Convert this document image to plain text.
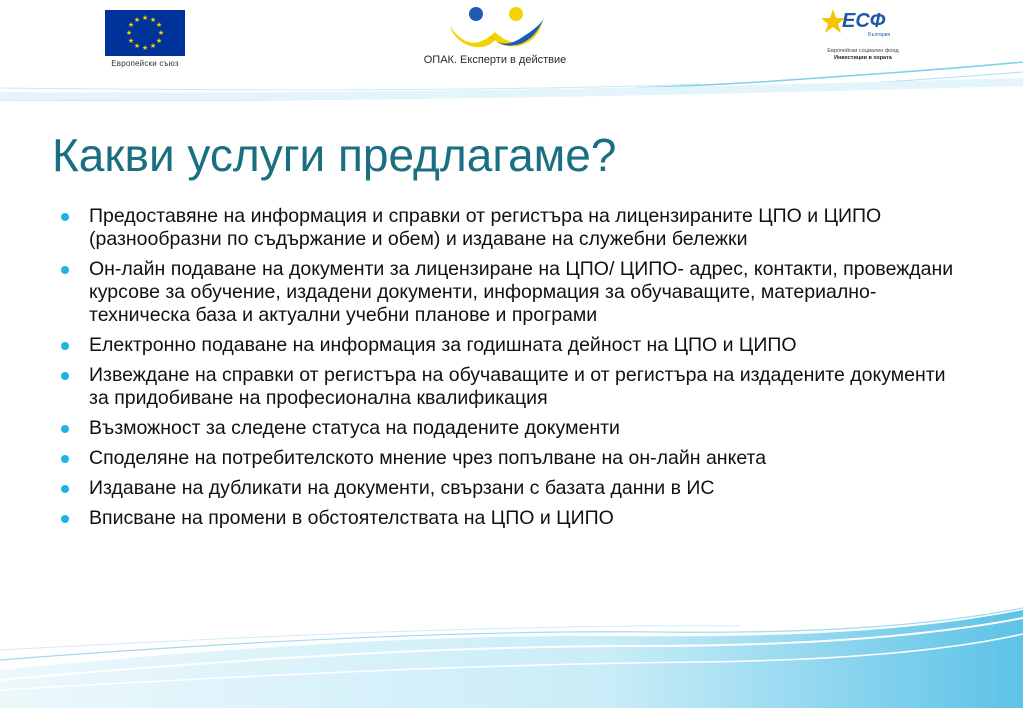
★ ★
★
★
★
★
★
★
★
★
★
★
Европейски съюз	ОПАК. Експерти в действие
ЕСФ
България
Европейски социален фонд
Инвестиции в хората
Какви услуги предлагаме?
Предоставяне на информация и справки от регистъра на лицензираните ЦПО и ЦИПО (разнообразни по съдържание и обем) и издаване на служебни бележки
Он-лайн подаване на документи за лицензиране на ЦПО/ ЦИПО- адрес, контакти, провеждани курсове за обучение, издадени документи, информация за обучаващите, материално-техническа база и актуални учебни планове и програми
Електронно подаване на информация за годишната дейност на ЦПО и ЦИПО
Извеждане на справки от регистъра на обучаващите и от регистъра на издадените документи за придобиване на професионална квалификация
Възможност за следене статуса на подадените документи
Споделяне на потребителското мнение чрез попълване на он-лайн анкета
Издаване на дубликати на документи, свързани с базата данни в ИС
Вписване на промени в обстоятелствата на ЦПО и ЦИПО
